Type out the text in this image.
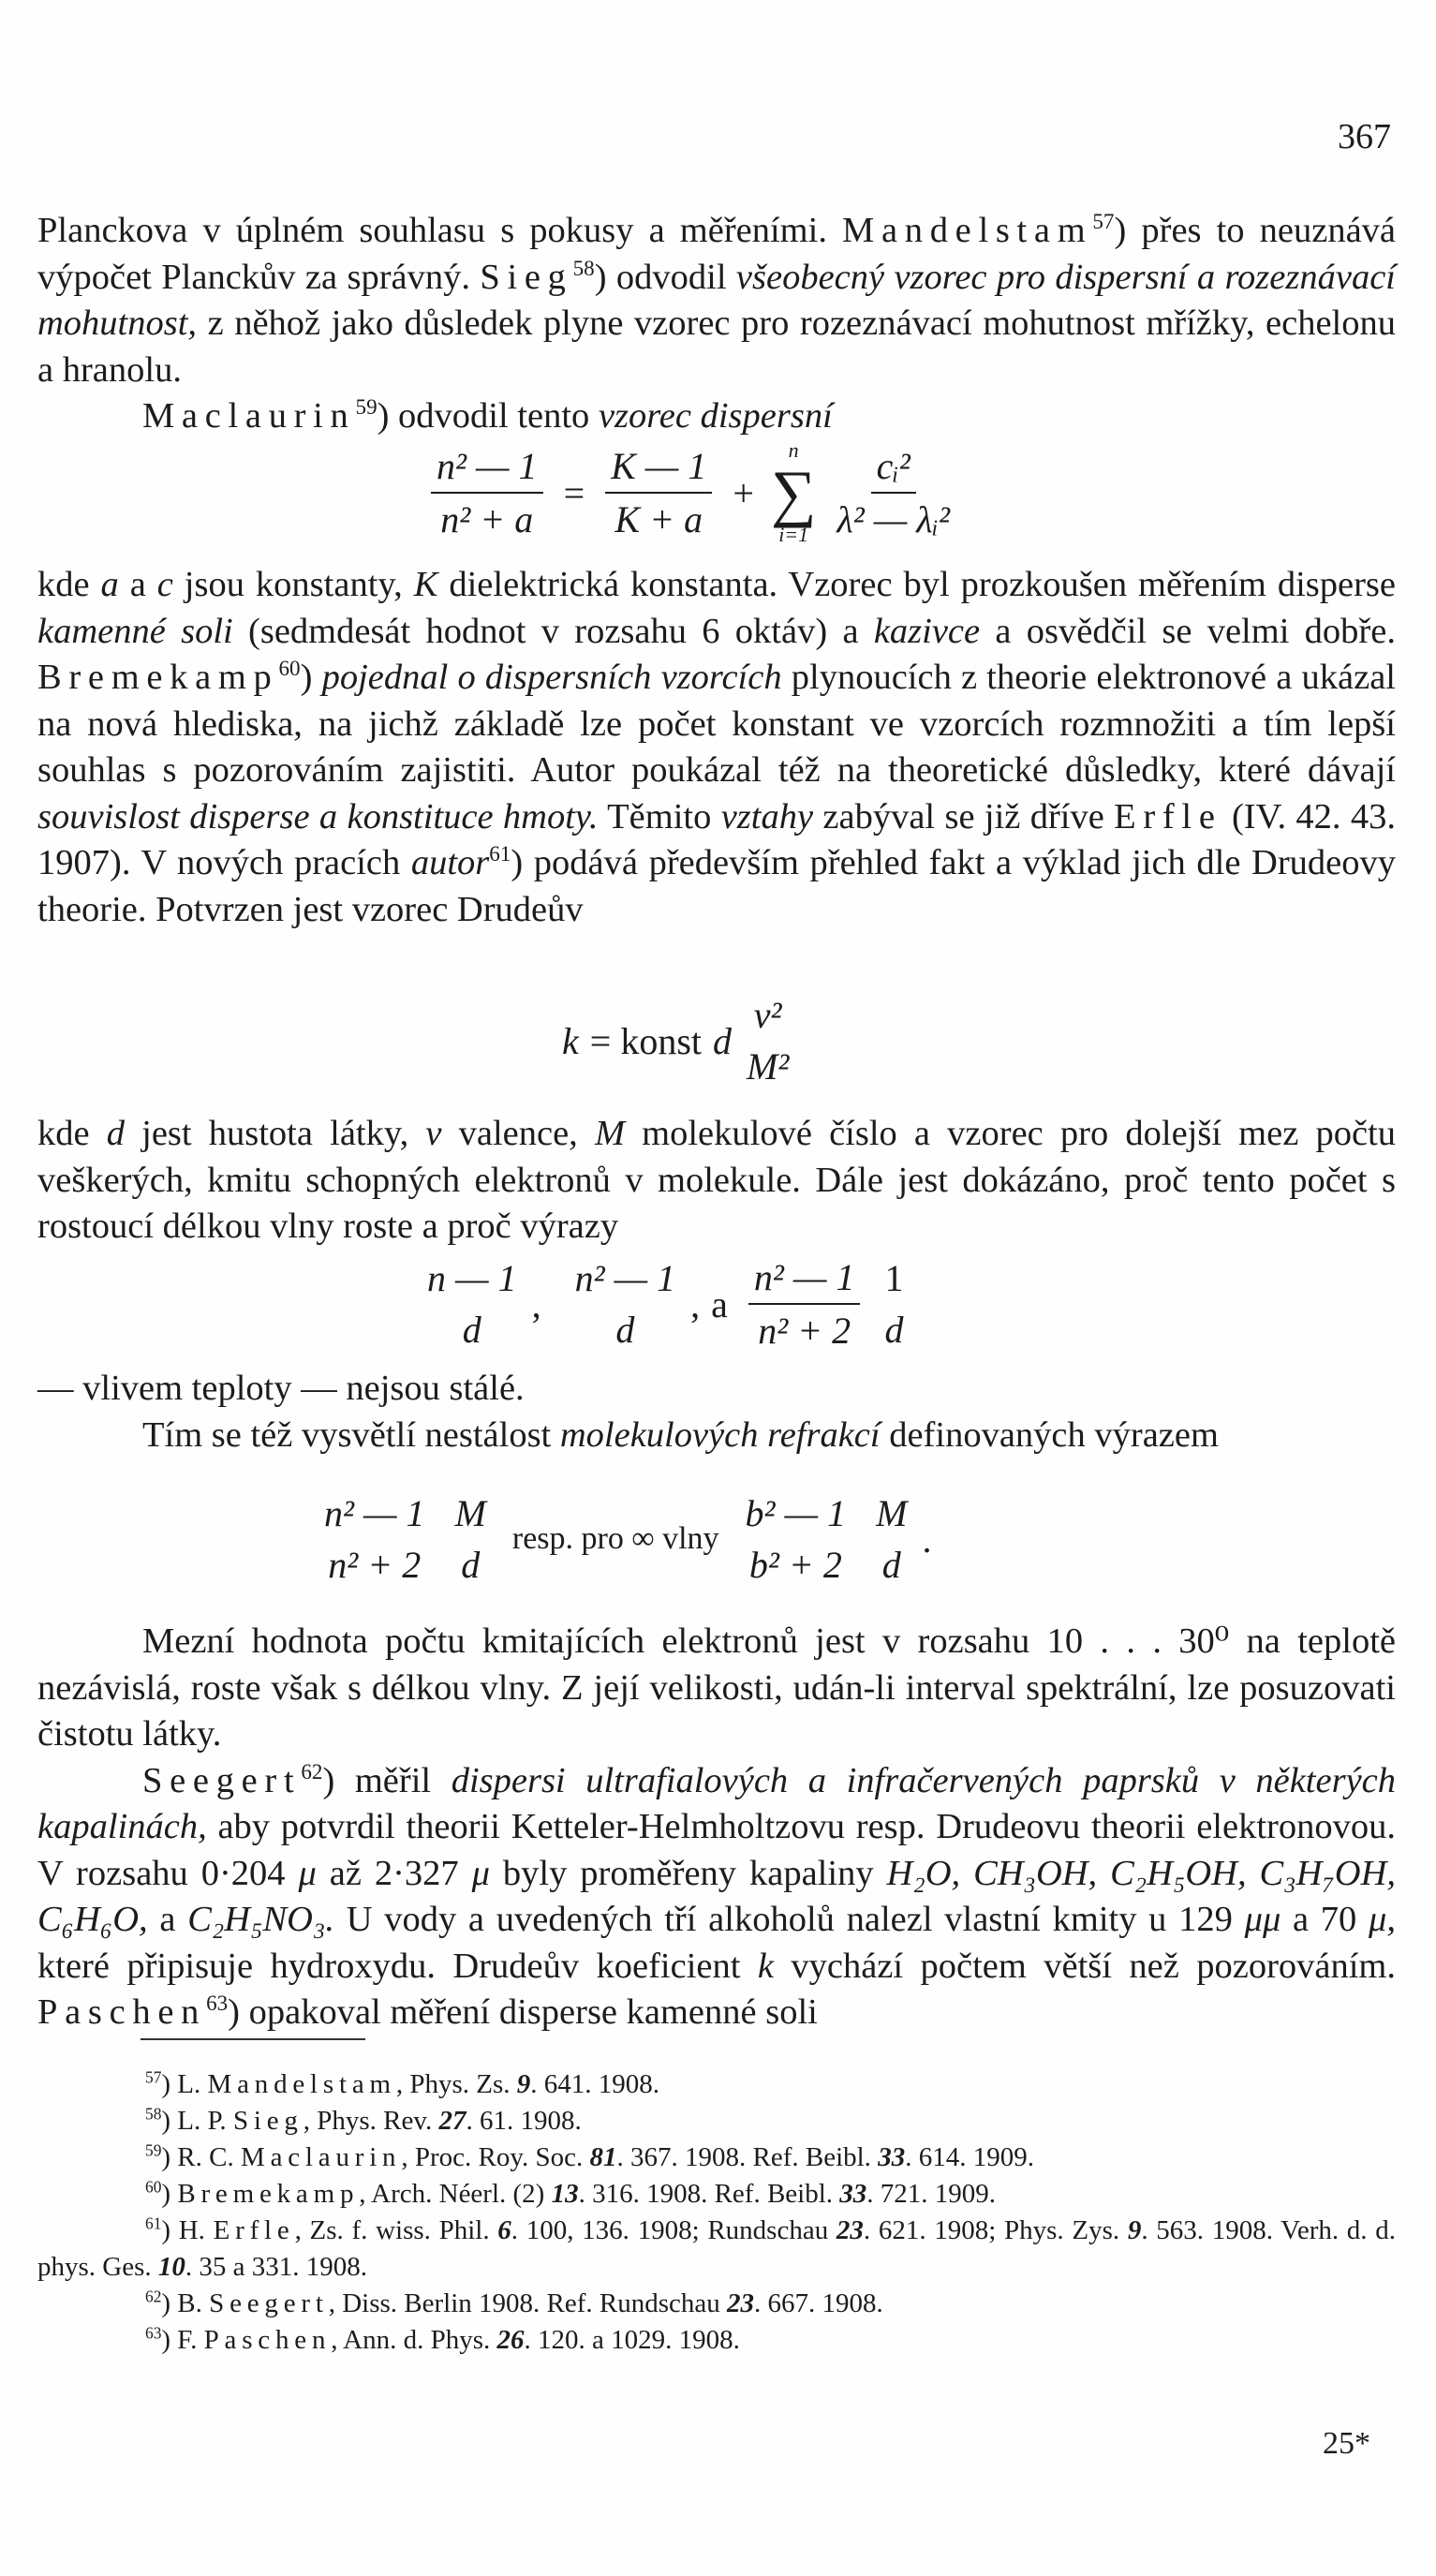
367

Planckova v úplném souhlasu s pokusy a měřeními. Mandelstam$^{57}$) přes to neuznává výpočet Planckův za správný. Sieg$^{58}$) odvodil všeobecný vzorec pro dispersní a rozeznávací mohutnost, z něhož jako důsledek plyne vzorec pro rozeznávací mohutnost mřížky, echelonu a hranolu.

Maclaurin$^{59}$) odvodil tento vzorec dispersní

$\frac{\text{n² — 1}}{\text{n² + a}} = \frac{K — 1}{K + a}$ +
n
∑
$i=1 \frac{\text{cᵢ²}}{\text{λ² — λᵢ²}}$

kde a a c jsou konstanty, K dielektrická konstanta. Vzorec byl prozkoušen měřením disperse kamenné soli (sedmdesát hodnot v rozsahu 6 oktáv) a kazivce a osvědčil se velmi dobře. Bremekamp$^{60}$) pojednal o dispersních vzorcích plynoucích z theorie elektronové a ukázal na nová hlediska, na jichž základě lze počet konstant ve vzorcích rozmnožiti a tím lepší souhlas s pozorováním zajistiti. Autor poukázal též na theoretické důsledky, které dávají souvislost disperse a konstituce hmoty. Těmito vztahy zabýval se již dříve Erfle (IV. 42. 43. 1907). V nových pracích autor$^{61}$) podává především přehled fakt a výklad jich dle Drudeovy theorie. Potvrzen jest vzorec Drudeův

k = konst d
v²
M²

kde d jest hustota látky, v valence, M molekulové číslo a vzorec pro dolejší mez počtu veškerých, kmitu schopných elektronů v molekule. Dále jest dokázáno, proč tento počet s rostoucí délkou vlny roste a proč výrazy

n — 1
d
,
n² — 1
d
, a $\frac{\text{n² — 1}}{\text{n² + 2}} 1$
d

— vlivem teploty — nejsou stálé.

Tím se též vysvětlí nestálost molekulových refrakcí definovaných výrazem

n² — 1
n² + 2
M
d
resp. pro ∞ vlny
b² — 1
b² + 2
M
d
.

Mezní hodnota počtu kmitajících elektronů jest v rozsahu 10 . . . 30⁰ na teplotě nezávislá, roste však s délkou vlny. Z její velikosti, udán-li interval spektrální, lze posuzovati čistotu látky.

Seegert$^{62}$) měřil dispersi ultrafialových a infračervených paprsků v některých kapalinách, aby potvrdil theorii Ketteler-Helmholtzovu resp. Drudeovu theorii elektronovou. V rozsahu 0·204 μ až 2·327 μ byly proměřeny kapaliny H₂O, CH₃OH, C₂H₅OH, C₃H₇OH, C₆H₆O, a C₂H₅NO₃. U vody a uvedených tří alkoholů nalezl vlastní kmity u 129 μμ a 70 μ, které připisuje hydroxydu. Drudeův koeficient k vychází počtem větší než pozorováním. Paschen$^{63}$) opakoval měření disperse kamenné soli

$^{57}$) L. Mandelstam, Phys. Zs. 9. 641. 1908.

$^{58}$) L. P. Sieg, Phys. Rev. 27. 61. 1908.

$^{59}$) R. C. Maclaurin, Proc. Roy. Soc. 81. 367. 1908. Ref. Beibl. 33. 614. 1909.

$^{60}$) Bremekamp, Arch. Néerl. (2) 13. 316. 1908. Ref. Beibl. 33. 721. 1909.

$^{61}$) H. Erfle, Zs. f. wiss. Phil. 6. 100, 136. 1908; Rundschau 23. 621. 1908; Phys. Zys. 9. 563. 1908. Verh. d. d. phys. Ges. 10. 35 a 331. 1908.

$^{62}$) B. Seegert, Diss. Berlin 1908. Ref. Rundschau 23. 667. 1908.

$^{63}$) F. Paschen, Ann. d. Phys. 26. 120. a 1029. 1908.

25*
